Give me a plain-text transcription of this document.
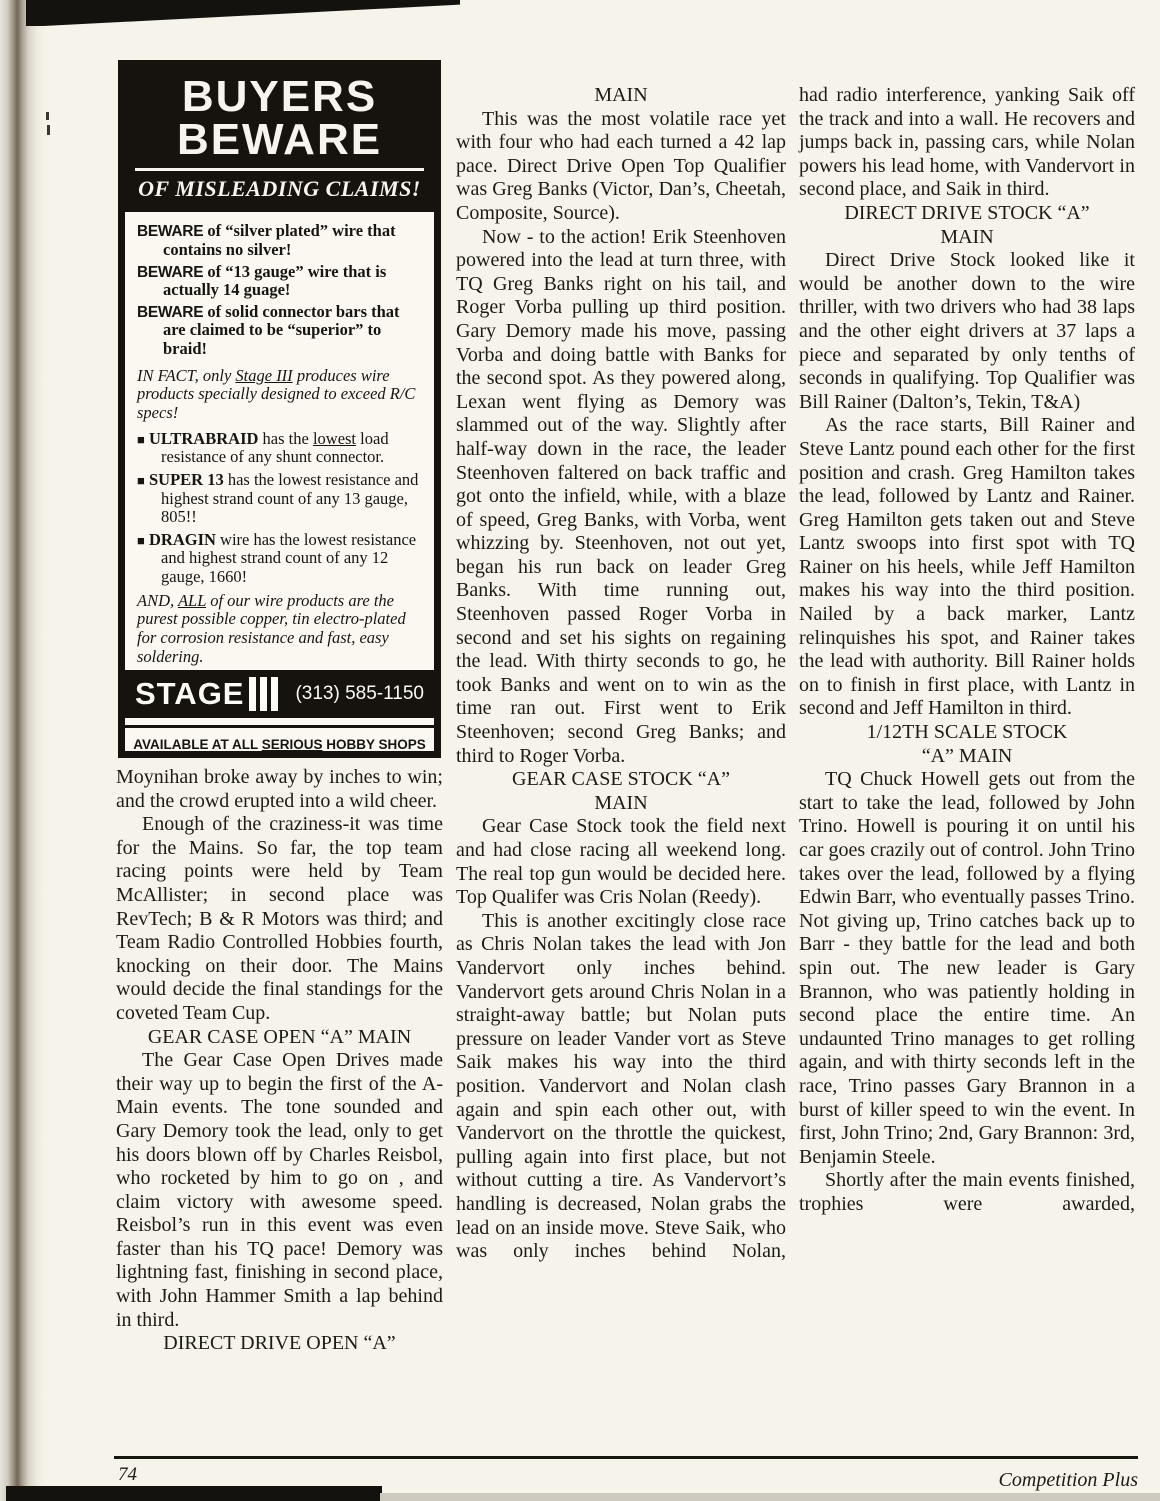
BUYERS
BEWARE
OF MISLEADING CLAIMS!
BEWARE of “silver plated” wire that contains no silver!
BEWARE of “13 gauge” wire that is actually 14 guage!
BEWARE of solid connector bars that are claimed to be “superior” to braid!
IN FACT, only Stage III produces wire products specially designed to exceed R/C specs!
■ ULTRABRAID has the lowest load resistance of any shunt connector.
■ SUPER 13 has the lowest resistance and highest strand count of any 13 gauge, 805!!
■ DRAGIN wire has the lowest resistance and highest strand count of any 12 gauge, 1660!
AND, ALL of our wire products are the purest possible copper, tin electro-plated for corrosion resistance and fast, easy soldering.
STAGE	(313) 585-1150
AVAILABLE AT ALL SERIOUS HOBBY SHOPS

Moynihan broke away by inches to win; and the crowd erupted into a wild cheer.

Enough of the craziness-it was time for the Mains. So far, the top team racing points were held by Team McAllister; in second place was RevTech; B & R Motors was third; and Team Radio Controlled Hobbies fourth, knocking on their door. The Mains would decide the final standings for the coveted Team Cup.

GEAR CASE OPEN “A” MAIN

The Gear Case Open Drives made their way up to begin the first of the A-Main events. The tone sounded and Gary Demory took the lead, only to get his doors blown off by Charles Reisbol, who rocketed by him to go on , and claim victory with awesome speed. Reisbol’s run in this event was even faster than his TQ pace! Demory was lightning fast, finishing in second place, with John Hammer Smith a lap behind in third.

DIRECT DRIVE OPEN “A”
MAIN

This was the most volatile race yet with four who had each turned a 42 lap pace. Direct Drive Open Top Qualifier was Greg Banks (Victor, Dan’s, Cheetah, Composite, Source).

Now - to the action! Erik Steenhoven powered into the lead at turn three, with TQ Greg Banks right on his tail, and Roger Vorba pulling up third position. Gary Demory made his move, passing Vorba and doing battle with Banks for the second spot. As they powered along, Lexan went flying as Demory was slammed out of the way. Slightly after half-way down in the race, the leader Steenhoven faltered on back traffic and got onto the infield, while, with a blaze of speed, Greg Banks, with Vorba, went whizzing by. Steenhoven, not out yet, began his run back on leader Greg Banks. With time running out, Steenhoven passed Roger Vorba in second and set his sights on regaining the lead. With thirty seconds to go, he took Banks and went on to win as the time ran out. First went to Erik Steenhoven; second Greg Banks; and third to Roger Vorba.

GEAR CASE STOCK “A”
MAIN

Gear Case Stock took the field next and had close racing all weekend long. The real top gun would be decided here. Top Qualifer was Cris Nolan (Reedy).

This is another excitingly close race as Chris Nolan takes the lead with Jon Vandervort only inches behind. Vandervort gets around Chris Nolan in a straight-away battle; but Nolan puts pressure on leader Vander vort as Steve Saik makes his way into the third position. Vandervort and Nolan clash again and spin each other out, with Vandervort on the throttle the quickest, pulling again into first place, but not without cutting a tire. As Vandervort’s handling is decreased, Nolan grabs the lead on an inside move. Steve Saik, who was only inches behind Nolan,

had radio interference, yanking Saik off the track and into a wall. He recovers and jumps back in, passing cars, while Nolan powers his lead home, with Vandervort in second place, and Saik in third.

DIRECT DRIVE STOCK “A”
MAIN

Direct Drive Stock looked like it would be another down to the wire thriller, with two drivers who had 38 laps and the other eight drivers at 37 laps a piece and separated by only tenths of seconds in qualifying. Top Qualifier was Bill Rainer (Dalton’s, Tekin, T&A)

As the race starts, Bill Rainer and Steve Lantz pound each other for the first position and crash. Greg Hamilton takes the lead, followed by Lantz and Rainer. Greg Hamilton gets taken out and Steve Lantz swoops into first spot with TQ Rainer on his heels, while Jeff Hamilton makes his way into the third position. Nailed by a back marker, Lantz relinquishes his spot, and Rainer takes the lead with authority. Bill Rainer holds on to finish in first place, with Lantz in second and Jeff Hamilton in third.

1/12TH SCALE STOCK
“A” MAIN

TQ Chuck Howell gets out from the start to take the lead, followed by John Trino. Howell is pouring it on until his car goes crazily out of control. John Trino takes over the lead, followed by a flying Edwin Barr, who eventually passes Trino. Not giving up, Trino catches back up to Barr - they battle for the lead and both spin out. The new leader is Gary Brannon, who was patiently holding in second place the entire time. An undaunted Trino manages to get rolling again, and with thirty seconds left in the race, Trino passes Gary Brannon in a burst of killer speed to win the event. In first, John Trino; 2nd, Gary Brannon: 3rd, Benjamin Steele.

Shortly after the main events finished, trophies were awarded,

74	Competition Plus
